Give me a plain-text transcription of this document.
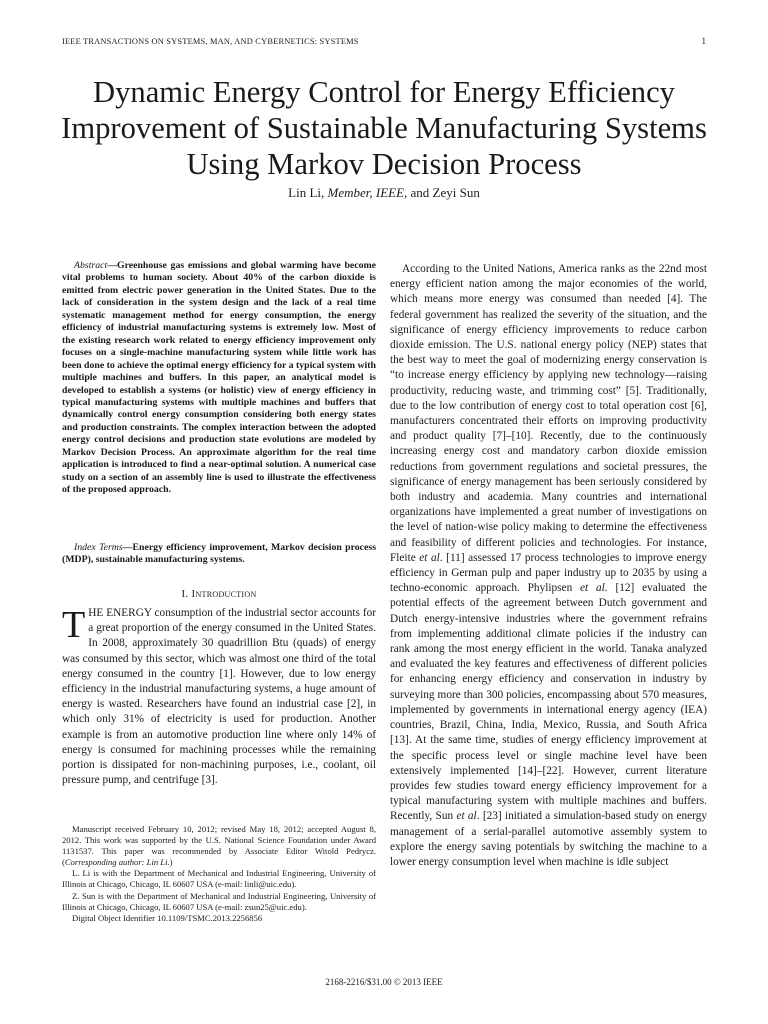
IEEE TRANSACTIONS ON SYSTEMS, MAN, AND CYBERNETICS: SYSTEMS	1
Dynamic Energy Control for Energy Efficiency
Improvement of Sustainable Manufacturing Systems
Using Markov Decision Process
Lin Li, Member, IEEE, and Zeyi Sun
Abstract—Greenhouse gas emissions and global warming have become vital problems to human society. About 40% of the carbon dioxide is emitted from electric power generation in the United States. Due to the lack of consideration in the system design and the lack of a real time systematic management method for energy consumption, the energy efficiency of industrial manufacturing systems is extremely low. Most of the existing research work related to energy efficiency improvement only focuses on a single-machine manufacturing system while little work has been done to achieve the optimal energy efficiency for a typical system with multiple machines and buffers. In this paper, an analytical model is developed to establish a systems (or holistic) view of energy efficiency in typical manufacturing systems with multiple machines and buffers that dynamically control energy consumption considering both energy states and production constraints. The complex interaction between the adopted energy control decisions and production state evolutions are modeled by Markov Decision Process. An approximate algorithm for the real time application is introduced to find a near-optimal solution. A numerical case study on a section of an assembly line is used to illustrate the effectiveness of the proposed approach.
Index Terms—Energy efficiency improvement, Markov decision process (MDP), sustainable manufacturing systems.
I. Introduction
THE ENERGY consumption of the industrial sector accounts for a great proportion of the energy consumed in the United States. In 2008, approximately 30 quadrillion Btu (quads) of energy was consumed by this sector, which was almost one third of the total energy consumed in the country [1]. However, due to low energy efficiency in the industrial manufacturing systems, a huge amount of energy is wasted. Researchers have found an industrial case [2], in which only 31% of electricity is used for production. Another example is from an automotive production line where only 14% of energy is consumed for machining processes while the remaining portion is dissipated for non-machining purposes, i.e., coolant, oil pressure pump, and centrifuge [3].

Manuscript received February 10, 2012; revised May 18, 2012; accepted August 8, 2012. This work was supported by the U.S. National Science Foundation under Award 1131537. This paper was recommended by Associate Editor Witold Pedrycz. (Corresponding author: Lin Li.)

L. Li is with the Department of Mechanical and Industrial Engineering, University of Illinois at Chicago, Chicago, IL 60607 USA (e-mail: linli@uic.edu).

Z. Sun is with the Department of Mechanical and Industrial Engineering, University of Illinois at Chicago, Chicago, IL 60607 USA (e-mail: zsun25@uic.edu).

Digital Object Identifier 10.1109/TSMC.2013.2256856

According to the United Nations, America ranks as the 22nd most energy efficient nation among the major economies of the world, which means more energy was consumed than needed [4]. The federal government has realized the severity of the situation, and the significance of energy efficiency improvements to reduce carbon dioxide emission. The U.S. national energy policy (NEP) states that the best way to meet the goal of modernizing energy conservation is “to increase energy efficiency by applying new technology—raising productivity, reducing waste, and trimming cost” [5]. Traditionally, due to the low contribution of energy cost to total operation cost [6], manufacturers concentrated their efforts on improving productivity and product quality [7]–[10]. Recently, due to the continuously increasing energy cost and mandatory carbon dioxide emission reductions from government regulations and societal pressures, the significance of energy management has been seriously considered by both industry and academia. Many countries and international organizations have implemented a great number of investigations on the level of nation-wise policy making to determine the effectiveness and feasibility of different policies and technologies. For instance, Fleite et al. [11] assessed 17 process technologies to improve energy efficiency in German pulp and paper industry up to 2035 by using a techno-economic approach. Phylipsen et al. [12] evaluated the potential effects of the agreement between Dutch government and Dutch energy-intensive industries where the government refrains from implementing additional climate policies if the industry can rank among the most energy efficient in the world. Tanaka analyzed and evaluated the key features and effectiveness of different policies for enhancing energy efficiency and conservation in industry by surveying more than 300 policies, encompassing about 570 measures, implemented by governments in international energy agency (IEA) countries, Brazil, China, India, Mexico, Russia, and South Africa [13]. At the same time, studies of energy efficiency improvement at the specific process level or single machine level have been extensively implemented [14]–[22]. However, current literature provides few studies toward energy efficiency improvement for a typical manufacturing system with multiple machines and buffers. Recently, Sun et al. [23] initiated a simulation-based study on energy management of a serial-parallel automotive assembly system to explore the energy saving potentials by switching the machine to a lower energy consumption level when machine is idle subject
2168-2216/$31.00 © 2013 IEEE
